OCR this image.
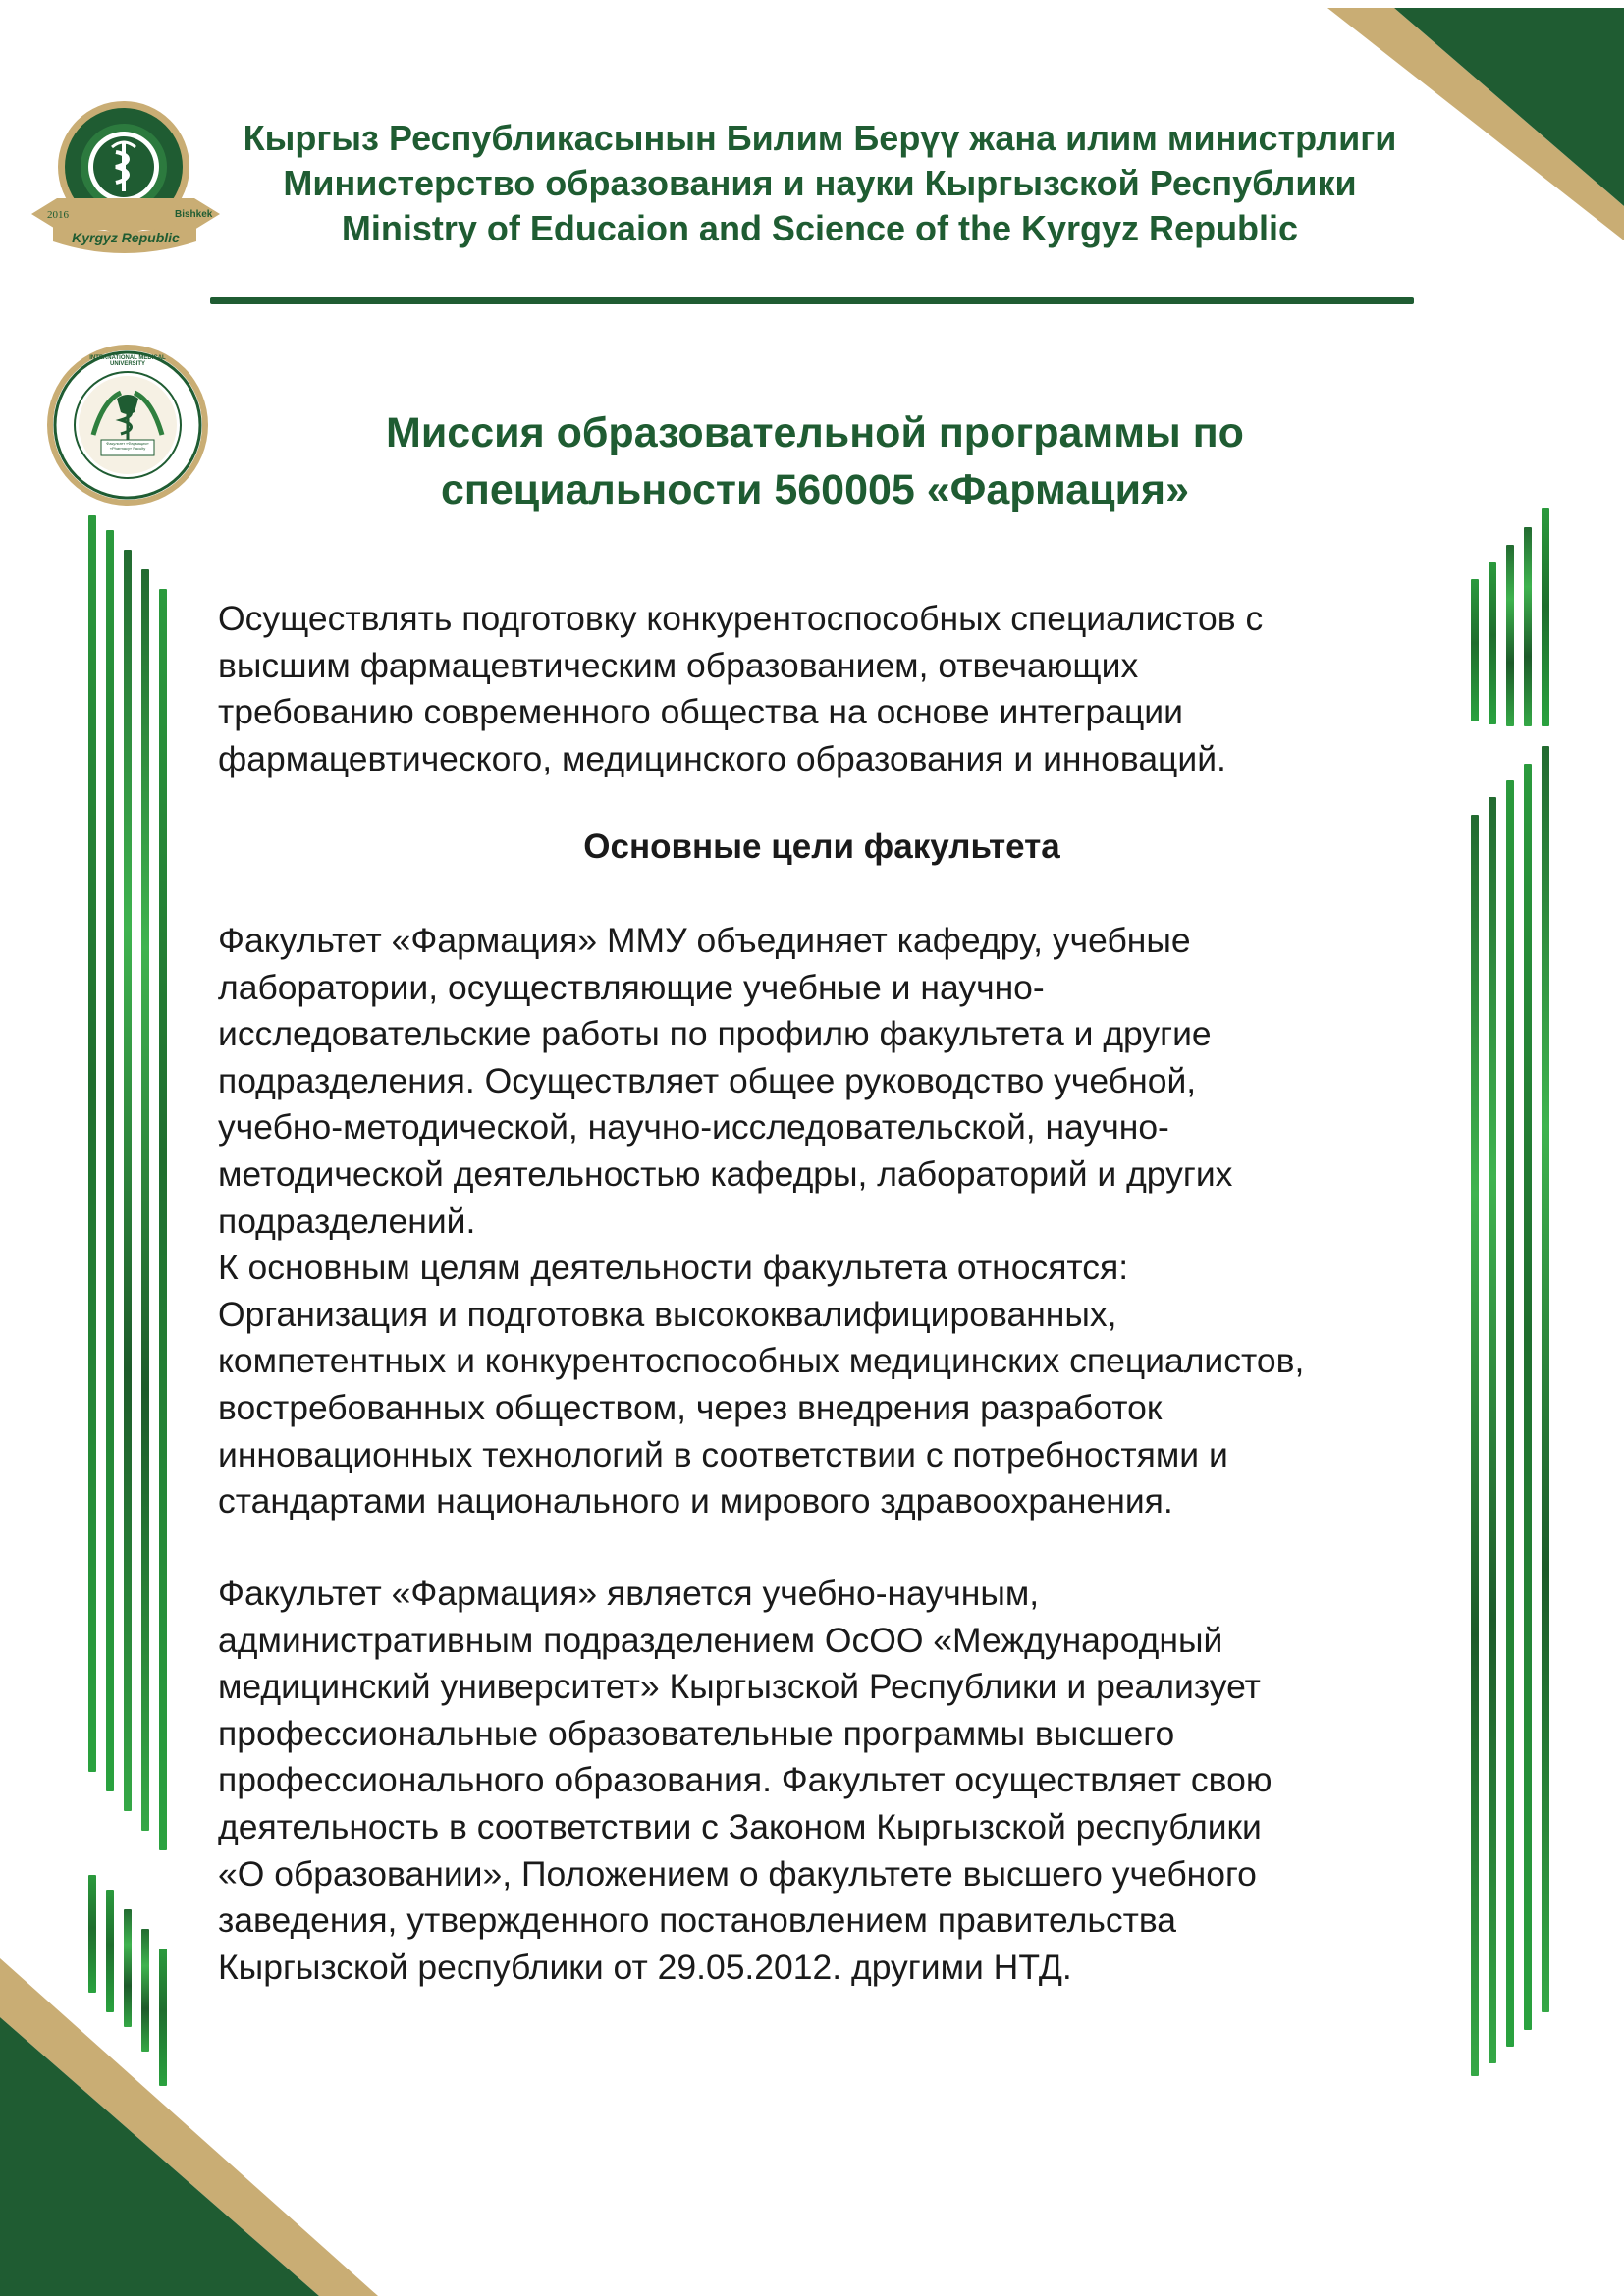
2016	Bishkek
Kyrgyz Republic
Кыргыз Республикасынын Билим Берүү жана илим министрлиги
Министерство образования и науки Кыргызской Республики
Ministry of Educaion and Science of the Kyrgyz Republic
INTERNATIONAL MEDICAL UNIVERSITY
Факультет «Фармация» «Pharmacy» Faculty	Миссия образовательной программы по
специальности 560005 «Фармация»

Осуществлять подготовку конкурентоспособных специалистов с

высшим фармацевтическим образованием, отвечающих

требованию современного общества на основе интеграции

фармацевтического, медицинского образования и инноваций.

Основные цели факультета

Факультет «Фармация» ММУ объединяет кафедру, учебные

лаборатории, осуществляющие учебные и научно-

исследовательские работы по профилю факультета и другие

подразделения. Осуществляет общее руководство учебной,

учебно-методической, научно-исследовательской, научно-

методической деятельностью кафедры, лабораторий и других

подразделений.

К основным целям деятельности факультета относятся:

Организация и подготовка высококвалифицированных,

компетентных и конкурентоспособных медицинских специалистов,

востребованных обществом, через внедрения разработок

инновационных технологий в соответствии с потребностями и

стандартами национального и мирового здравоохранения.

Факультет «Фармация» является учебно-научным,

административным подразделением ОсОО «Международный

медицинский университет» Кыргызской Республики и реализует

профессиональные образовательные программы высшего

профессионального образования. Факультет осуществляет свою

деятельность в соответствии с Законом Кыргызской республики

«О образовании», Положением о факультете высшего учебного

заведения, утвержденного постановлением правительства

Кыргызской республики от 29.05.2012. другими НТД.
